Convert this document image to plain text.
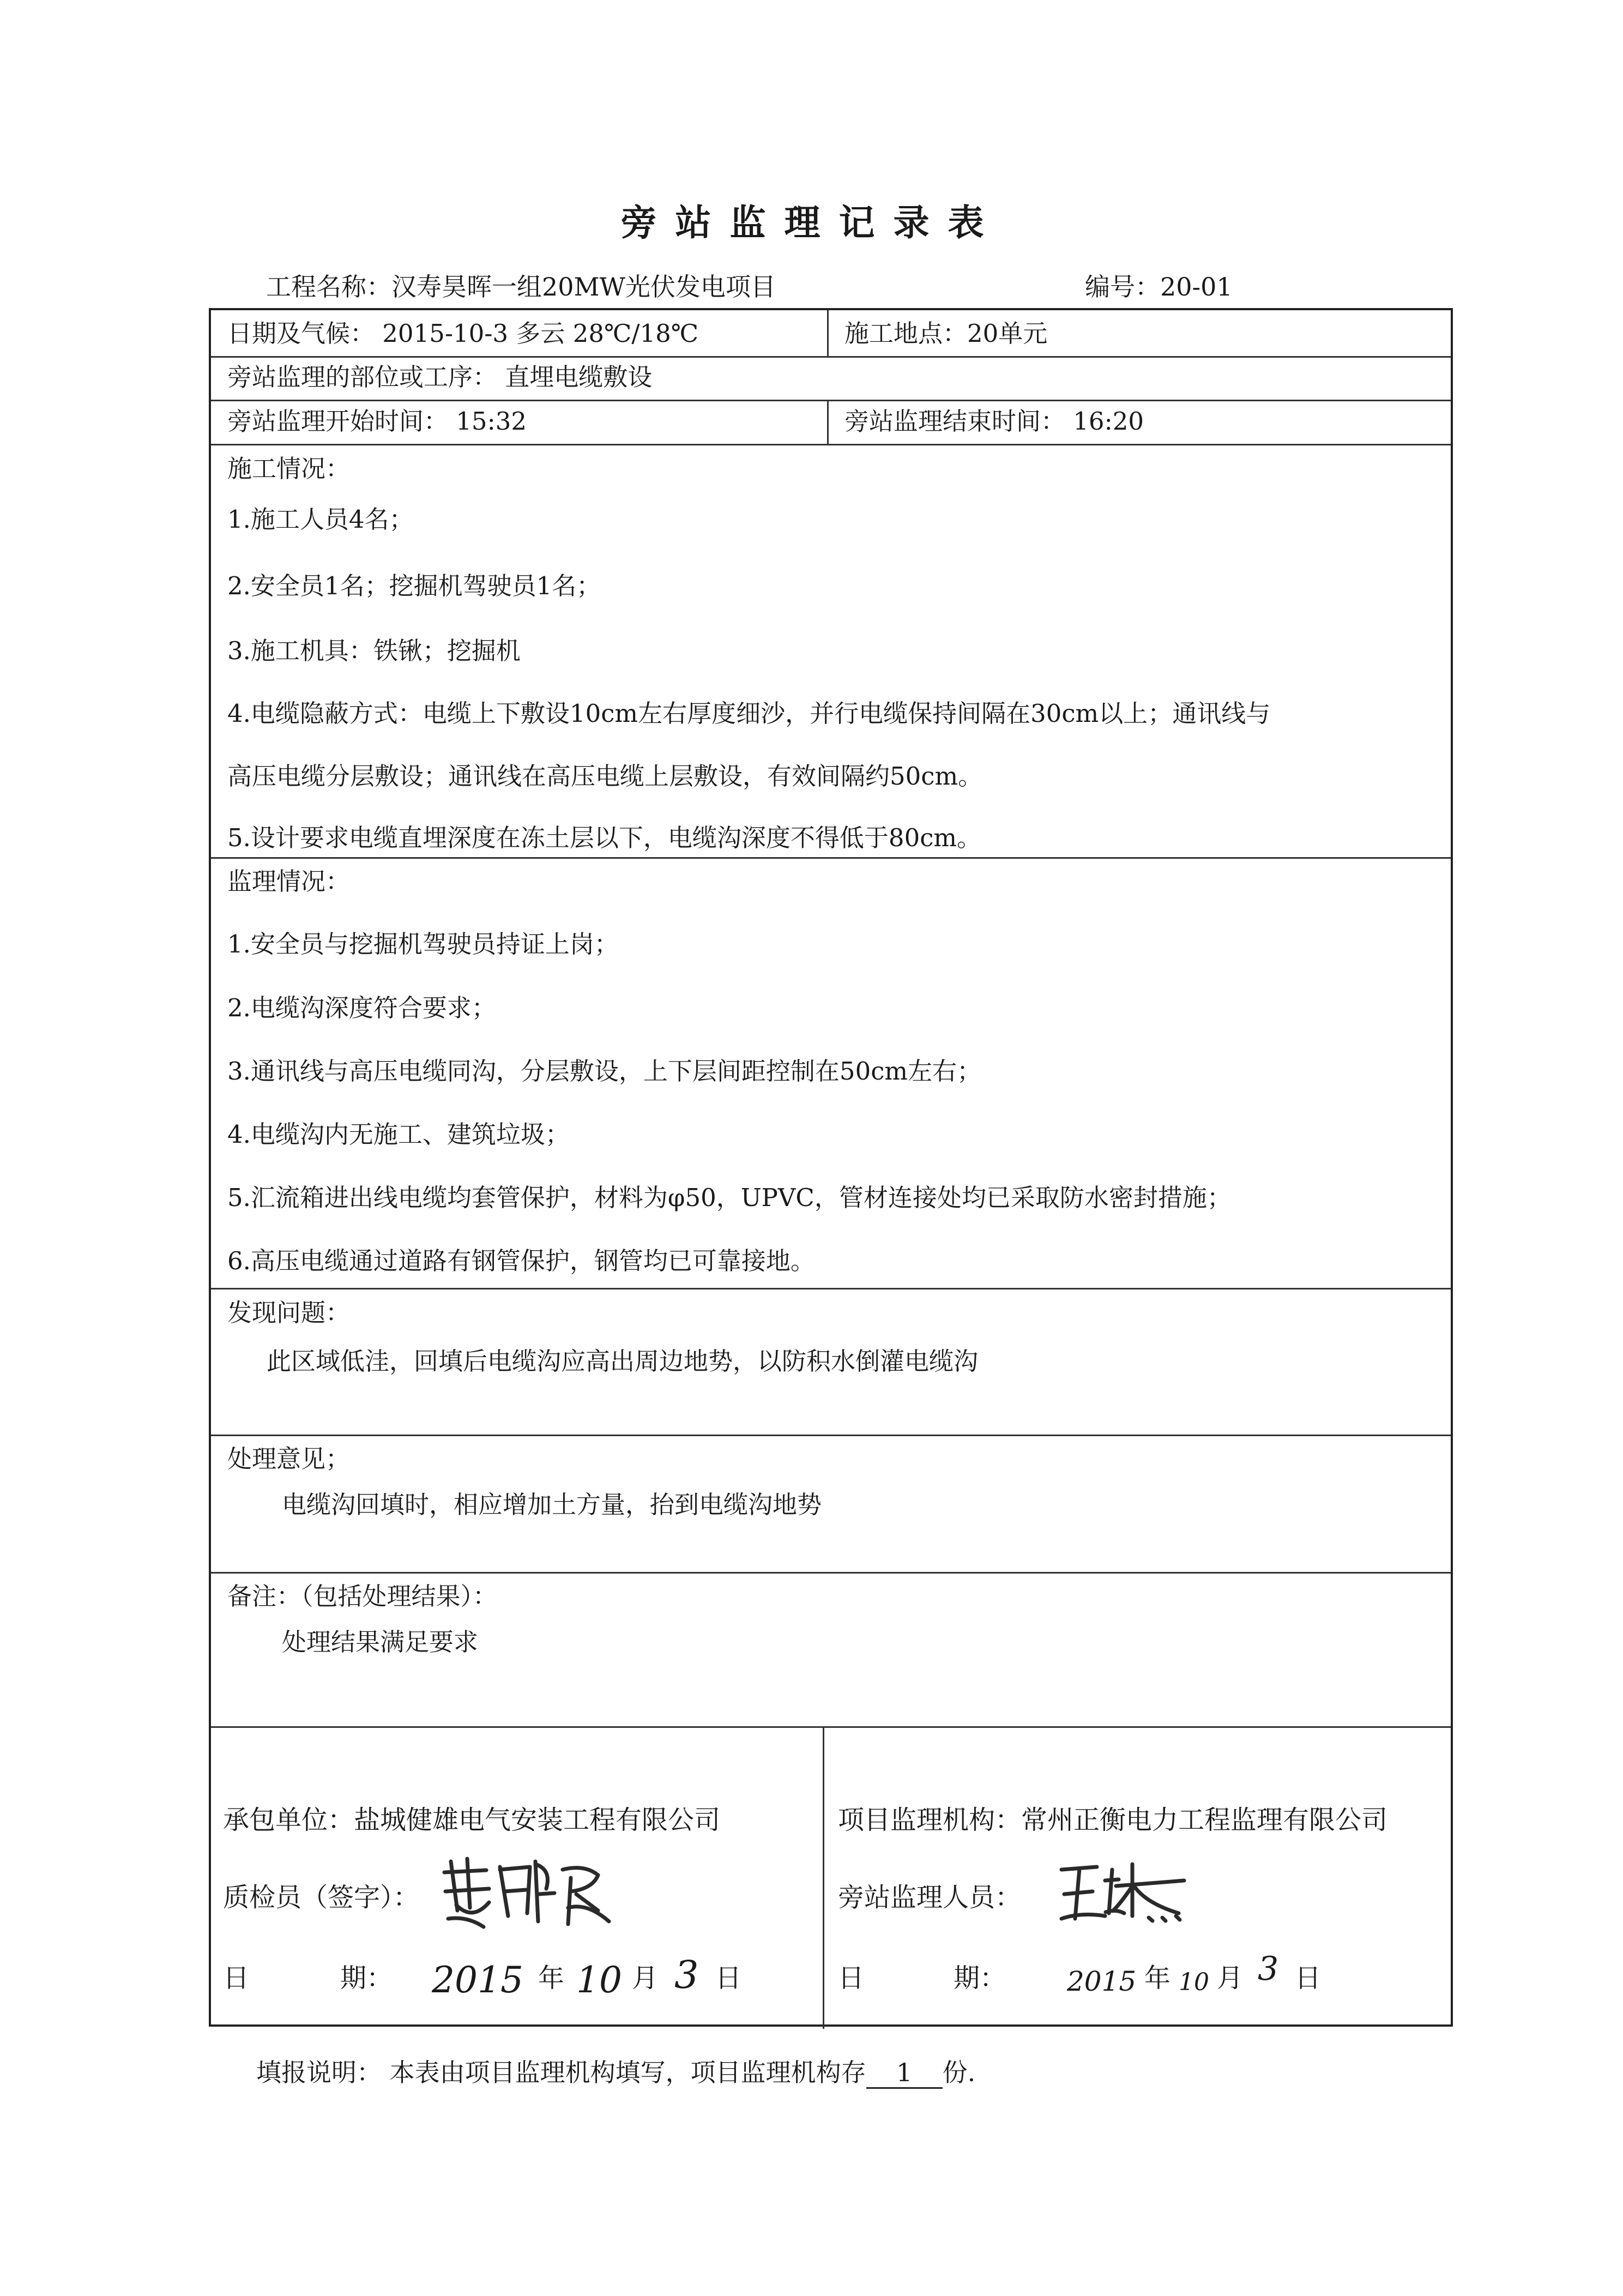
旁站监理记录表
工程名称：汉寿昊晖一组20MW光伏发电项目	编号：20-01
日期及气候： 2015-10-3 多云 28℃/18℃	施工地点：20单元
旁站监理的部位或工序： 直埋电缆敷设
旁站监理开始时间： 15:32	旁站监理结束时间： 16:20
施工情况：
1.施工人员4名；
2.安全员1名；挖掘机驾驶员1名；
3.施工机具：铁锹；挖掘机
4.电缆隐蔽方式：电缆上下敷设10cm左右厚度细沙，并行电缆保持间隔在30cm以上；通讯线与
高压电缆分层敷设；通讯线在高压电缆上层敷设，有效间隔约50cm。
5.设计要求电缆直埋深度在冻土层以下，电缆沟深度不得低于80cm。
监理情况：
1.安全员与挖掘机驾驶员持证上岗；
2.电缆沟深度符合要求；
3.通讯线与高压电缆同沟，分层敷设，上下层间距控制在50cm左右；
4.电缆沟内无施工、建筑垃圾；
5.汇流箱进出线电缆均套管保护，材料为φ50，UPVC，管材连接处均已采取防水密封措施；
6.高压电缆通过道路有钢管保护，钢管均已可靠接地。
发现问题：
此区域低洼，回填后电缆沟应高出周边地势，以防积水倒灌电缆沟
处理意见；
电缆沟回填时，相应增加土方量，抬到电缆沟地势
备注：（包括处理结果）：
处理结果满足要求
承包单位：盐城健雄电气安装工程有限公司
质检员（签字）：
日	期： 2015 年 10 月 3 日
项目监理机构：常州正衡电力工程监理有限公司
旁站监理人员：
日	期： 2015 年 10 月 3 日
填报说明： 本表由项目监理机构填写，项目监理机构存 1 份.
